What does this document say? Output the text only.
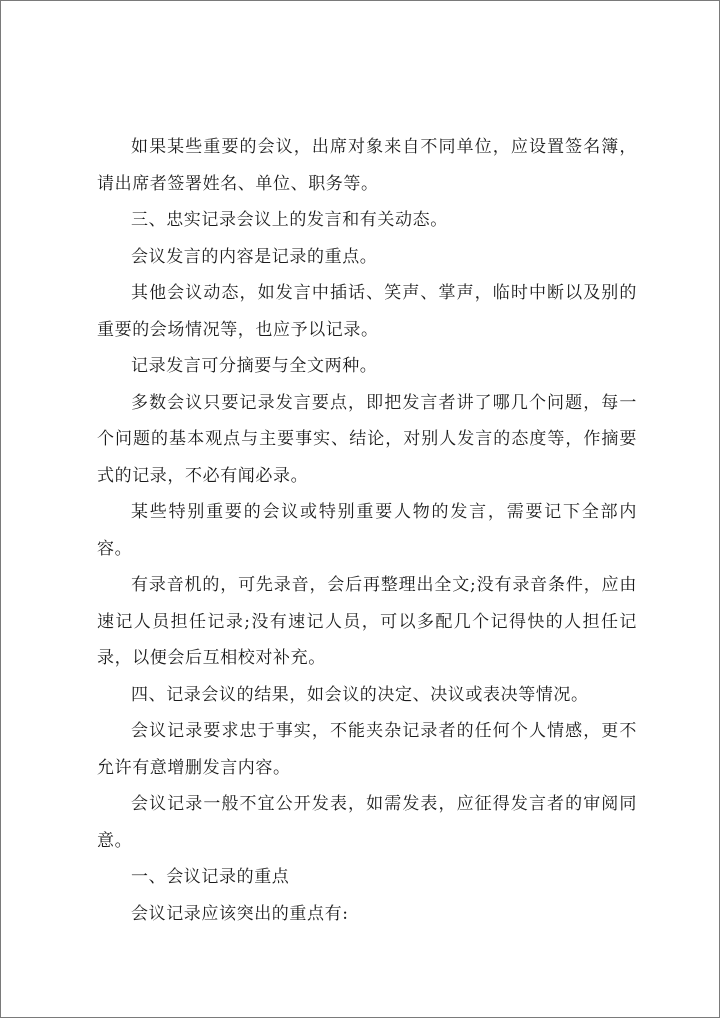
如果某些重要的会议，出席对象来自不同单位，应设置签名簿，请出席者签署姓名、单位、职务等。

三、忠实记录会议上的发言和有关动态。

会议发言的内容是记录的重点。

其他会议动态，如发言中插话、笑声、掌声，临时中断以及别的重要的会场情况等，也应予以记录。

记录发言可分摘要与全文两种。

多数会议只要记录发言要点，即把发言者讲了哪几个问题，每一个问题的基本观点与主要事实、结论，对别人发言的态度等，作摘要式的记录，不必有闻必录。

某些特别重要的会议或特别重要人物的发言，需要记下全部内容。

有录音机的，可先录音，会后再整理出全文;没有录音条件，应由速记人员担任记录;没有速记人员，可以多配几个记得快的人担任记录，以便会后互相校对补充。

四、记录会议的结果，如会议的决定、决议或表决等情况。

会议记录要求忠于事实，不能夹杂记录者的任何个人情感，更不允许有意增删发言内容。

会议记录一般不宜公开发表，如需发表，应征得发言者的审阅同意。

一、会议记录的重点

会议记录应该突出的重点有:
